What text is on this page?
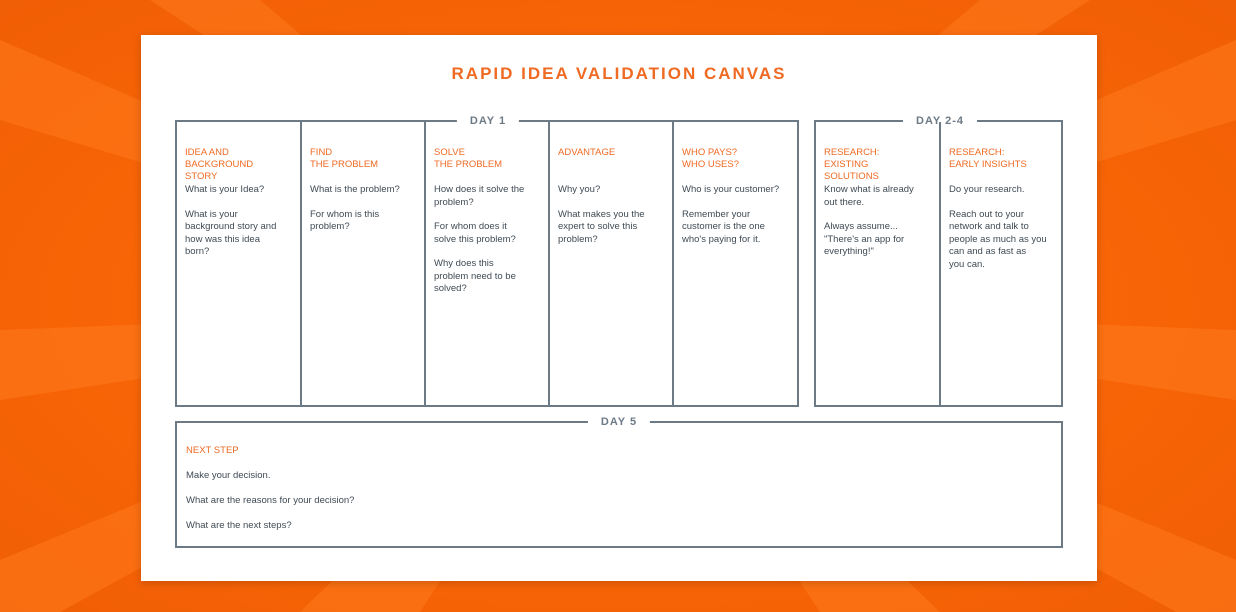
RAPID IDEA VALIDATION CANVAS
DAY 1

IDEA AND
BACKGROUND
STORY

What is your Idea?

What is your
background story and
how was this idea
born?

FIND
THE PROBLEM

What is the problem?

For whom is this
problem?

SOLVE
THE PROBLEM

How does it solve the
problem?

For whom does it
solve this problem?

Why does this
problem need to be
solved?

ADVANTAGE

Why you?

What makes you the
expert to solve this
problem?

WHO PAYS?
WHO USES?

Who is your customer?

Remember your
customer is the one
who's paying for it.

DAY 2-4

RESEARCH:
EXISTING
SOLUTIONS

Know what is already
out there.

Always assume...
"There's an app for
everything!"

RESEARCH:
EARLY INSIGHTS

Do your research.

Reach out to your
network and talk to
people as much as you
can and as fast as
you can.

DAY 5

NEXT STEP

Make your decision.

What are the reasons for your decision?

What are the next steps?
